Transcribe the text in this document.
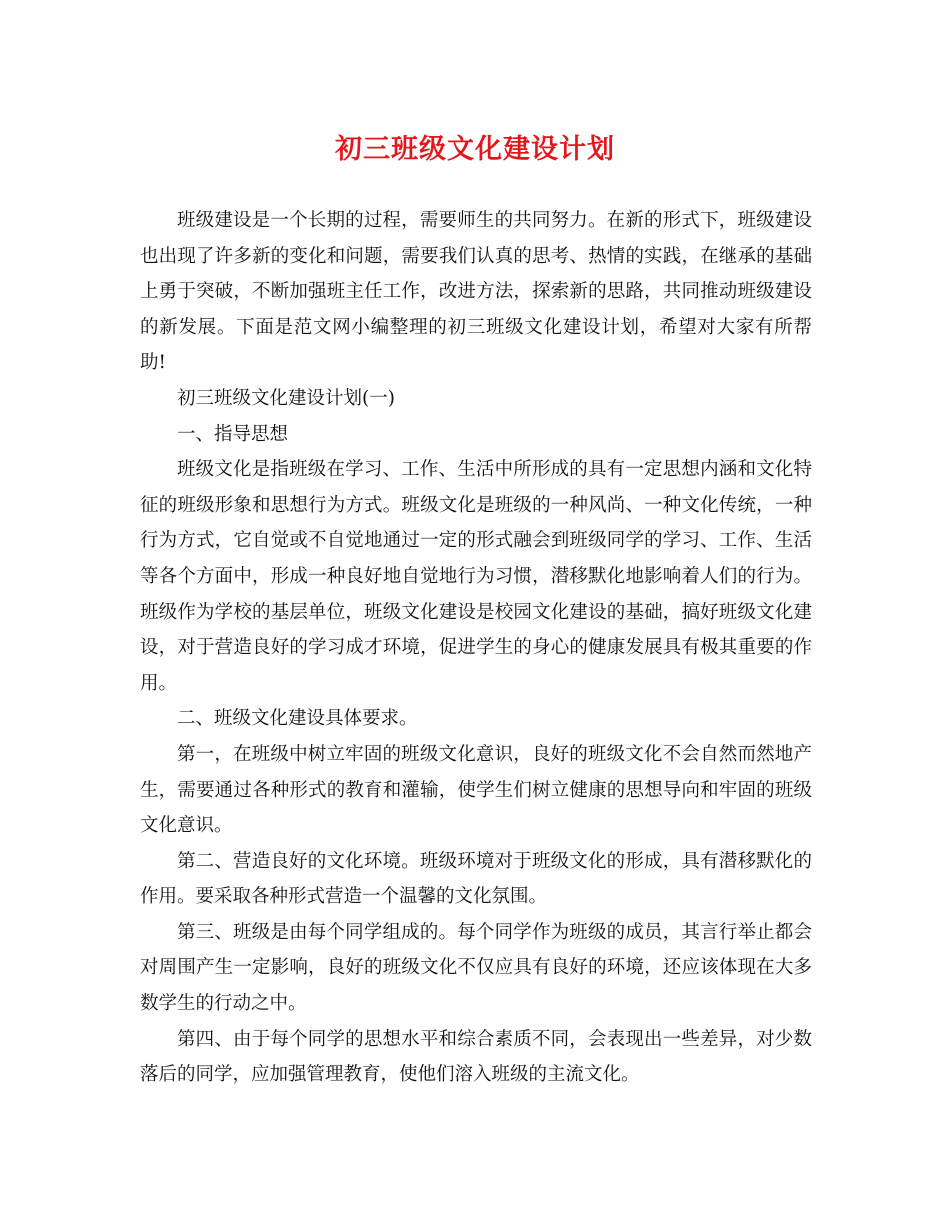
初三班级文化建设计划

班级建设是一个长期的过程，需要师生的共同努力。在新的形式下，班级建设也出现了许多新的变化和问题，需要我们认真的思考、热情的实践，在继承的基础上勇于突破，不断加强班主任工作，改进方法，探索新的思路，共同推动班级建设的新发展。下面是范文网小编整理的初三班级文化建设计划，希望对大家有所帮助!

初三班级文化建设计划(一)

一、指导思想

班级文化是指班级在学习、工作、生活中所形成的具有一定思想内涵和文化特征的班级形象和思想行为方式。班级文化是班级的一种风尚、一种文化传统，一种行为方式，它自觉或不自觉地通过一定的形式融会到班级同学的学习、工作、生活等各个方面中，形成一种良好地自觉地行为习惯，潜移默化地影响着人们的行为。班级作为学校的基层单位，班级文化建设是校园文化建设的基础，搞好班级文化建设，对于营造良好的学习成才环境，促进学生的身心的健康发展具有极其重要的作用。

二、班级文化建设具体要求。

第一，在班级中树立牢固的班级文化意识，良好的班级文化不会自然而然地产生，需要通过各种形式的教育和灌输，使学生们树立健康的思想导向和牢固的班级文化意识。

第二、营造良好的文化环境。班级环境对于班级文化的形成，具有潜移默化的作用。要采取各种形式营造一个温馨的文化氛围。

第三、班级是由每个同学组成的。每个同学作为班级的成员，其言行举止都会对周围产生一定影响，良好的班级文化不仅应具有良好的环境，还应该体现在大多数学生的行动之中。

第四、由于每个同学的思想水平和综合素质不同，会表现出一些差异，对少数落后的同学，应加强管理教育，使他们溶入班级的主流文化。
